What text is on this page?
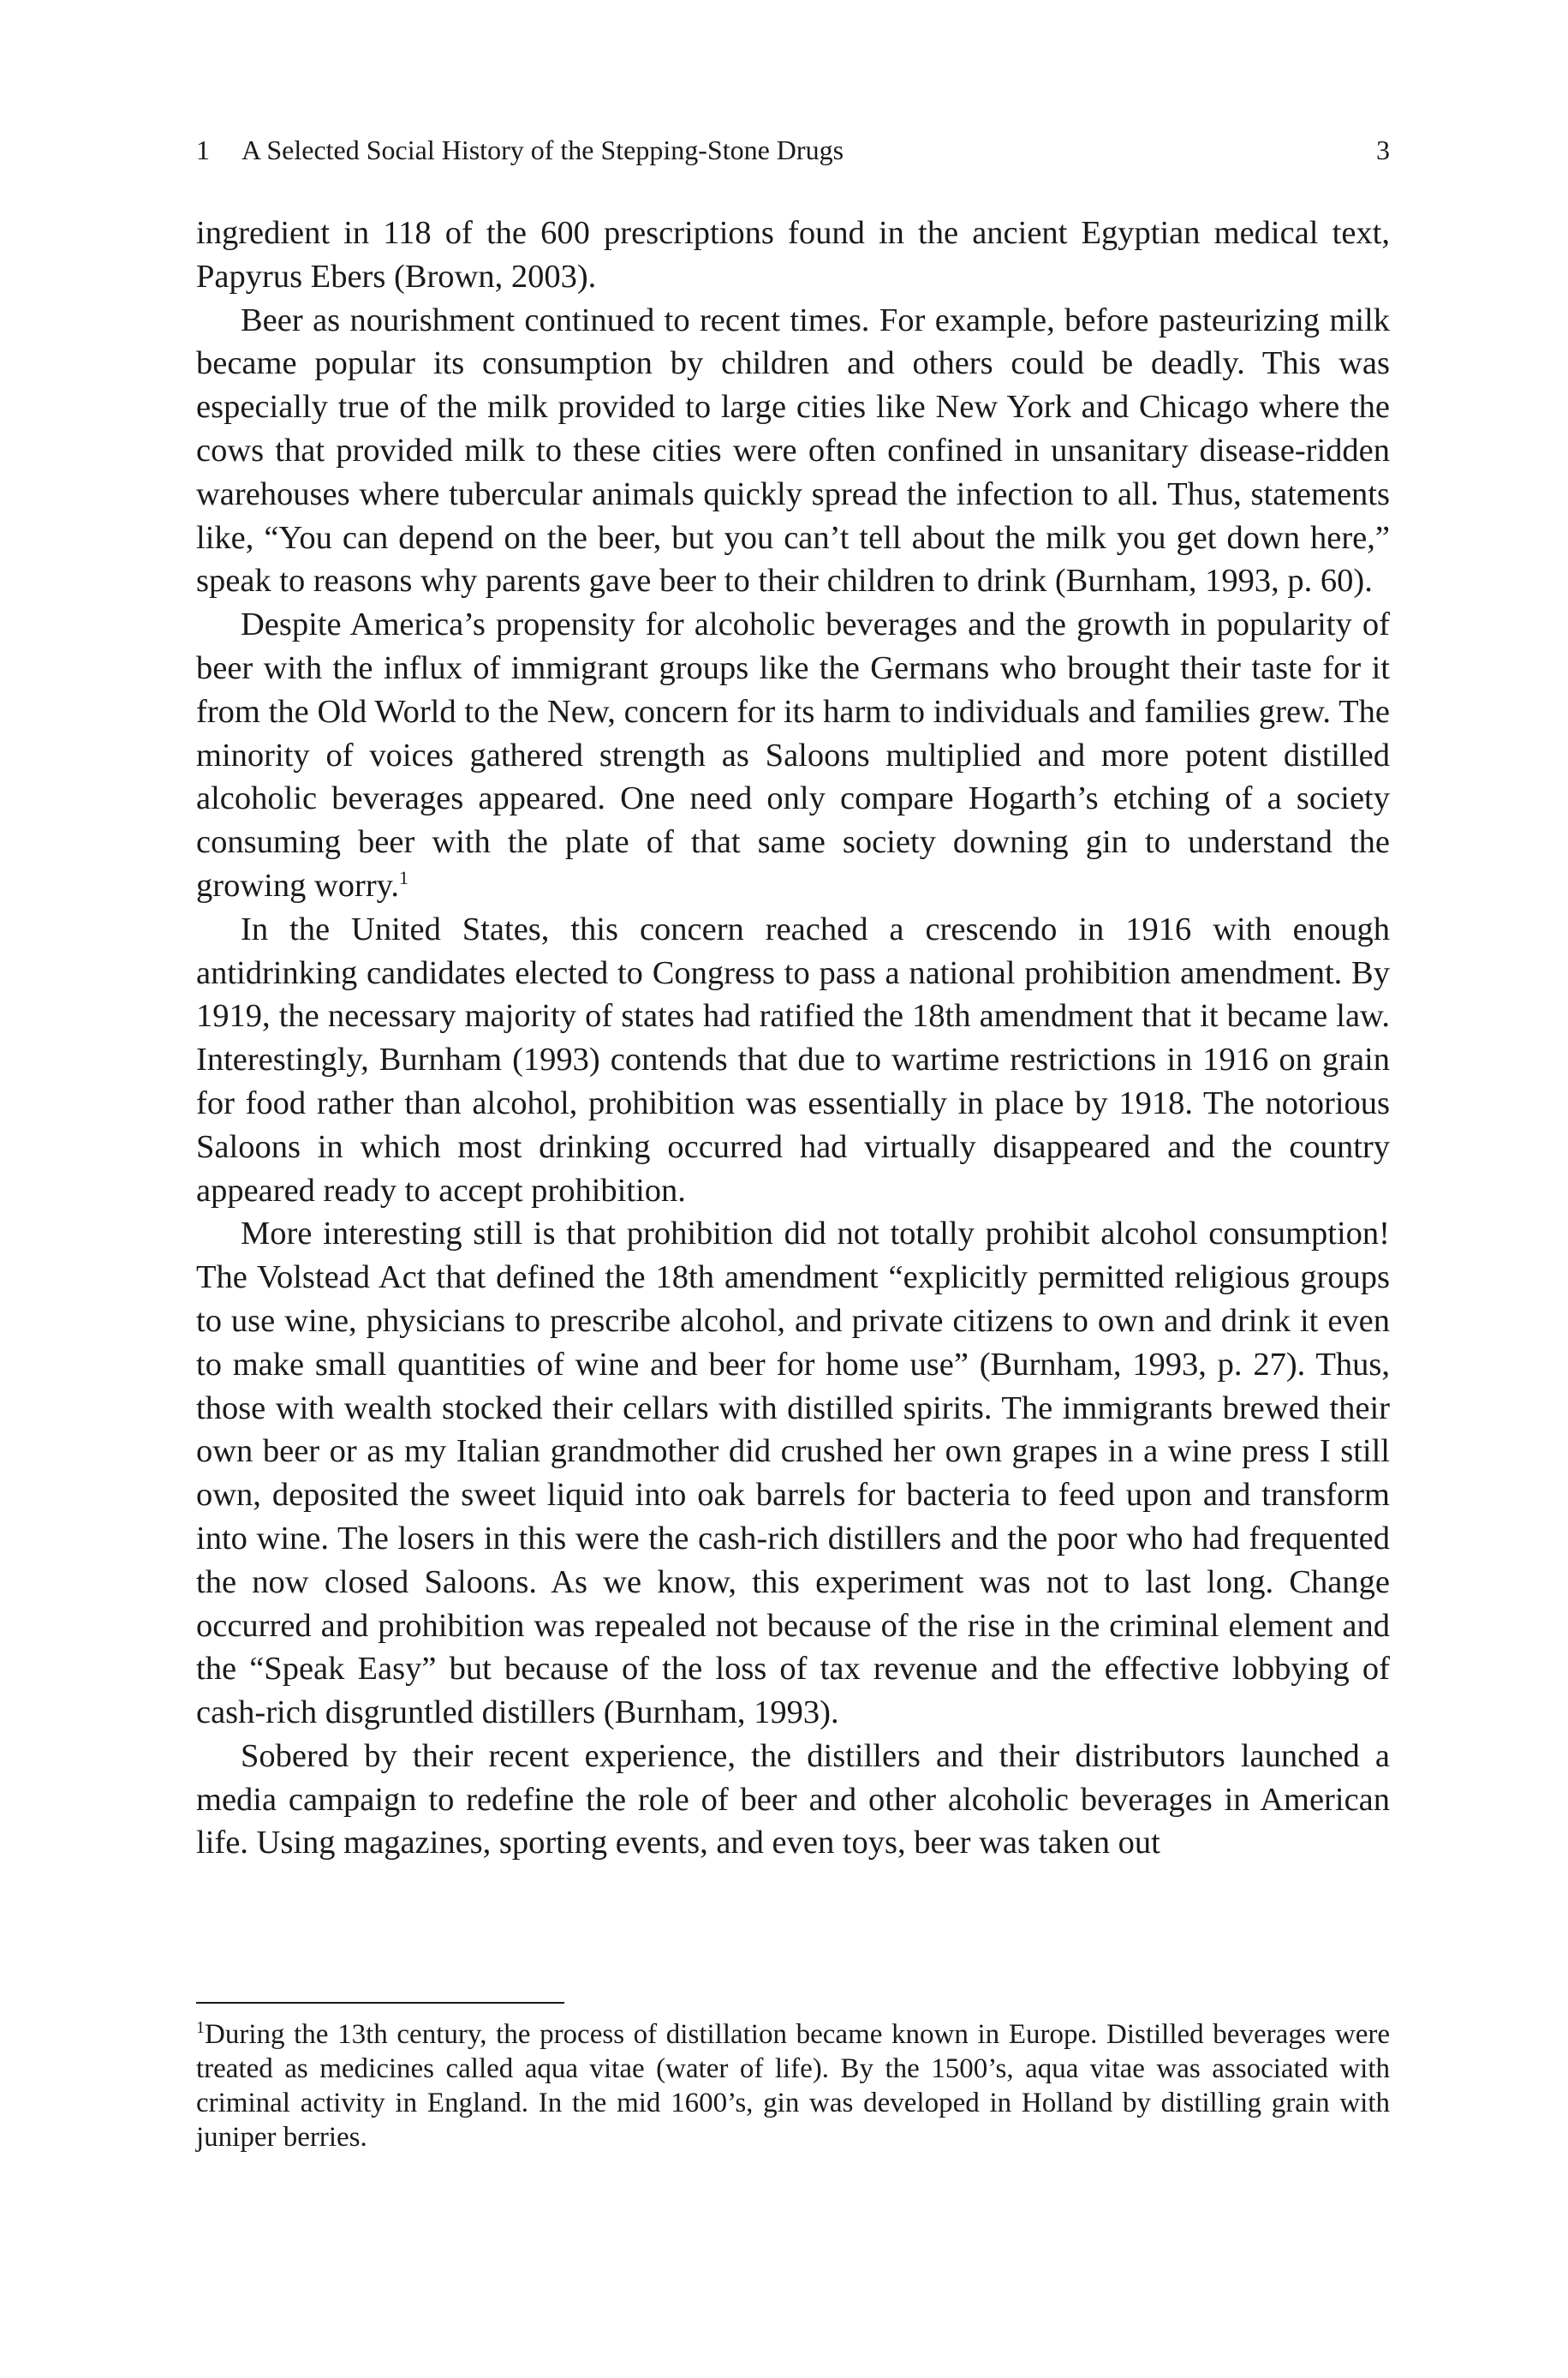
1 A Selected Social History of the Stepping-Stone Drugs	3

ingredient in 118 of the 600 prescriptions found in the ancient Egyptian medical text, Papyrus Ebers (Brown, 2003).

Beer as nourishment continued to recent times. For example, before pasteurizing milk became popular its consumption by children and others could be deadly. This was especially true of the milk provided to large cities like New York and Chicago where the cows that provided milk to these cities were often confined in unsanitary disease-ridden warehouses where tubercular animals quickly spread the infection to all. Thus, statements like, “You can depend on the beer, but you can’t tell about the milk you get down here,” speak to reasons why parents gave beer to their children to drink (Burnham, 1993, p. 60).

Despite America’s propensity for alcoholic beverages and the growth in popularity of beer with the influx of immigrant groups like the Germans who brought their taste for it from the Old World to the New, concern for its harm to individuals and families grew. The minority of voices gathered strength as Saloons multiplied and more potent distilled alcoholic beverages appeared. One need only compare Hogarth’s etching of a society consuming beer with the plate of that same society downing gin to understand the growing worry.$^1$

In the United States, this concern reached a crescendo in 1916 with enough antidrinking candidates elected to Congress to pass a national prohibition amendment. By 1919, the necessary majority of states had ratified the 18th amendment that it became law. Interestingly, Burnham (1993) contends that due to wartime restrictions in 1916 on grain for food rather than alcohol, prohibition was essentially in place by 1918. The notorious Saloons in which most drinking occurred had virtually disappeared and the country appeared ready to accept prohibition.

More interesting still is that prohibition did not totally prohibit alcohol consumption! The Volstead Act that defined the 18th amendment “explicitly permitted religious groups to use wine, physicians to prescribe alcohol, and private citizens to own and drink it even to make small quantities of wine and beer for home use” (Burnham, 1993, p. 27). Thus, those with wealth stocked their cellars with distilled spirits. The immigrants brewed their own beer or as my Italian grandmother did crushed her own grapes in a wine press I still own, deposited the sweet liquid into oak barrels for bacteria to feed upon and transform into wine. The losers in this were the cash-rich distillers and the poor who had frequented the now closed Saloons. As we know, this experiment was not to last long. Change occurred and prohibition was repealed not because of the rise in the criminal element and the “Speak Easy” but because of the loss of tax revenue and the effective lobbying of cash-rich disgruntled distillers (Burnham, 1993).

Sobered by their recent experience, the distillers and their distributors launched a media campaign to redefine the role of beer and other alcoholic beverages in American life. Using magazines, sporting events, and even toys, beer was taken out

$^1$During the 13th century, the process of distillation became known in Europe. Distilled beverages were treated as medicines called aqua vitae (water of life). By the 1500’s, aqua vitae was associated with criminal activity in England. In the mid 1600’s, gin was developed in Holland by distilling grain with juniper berries.
